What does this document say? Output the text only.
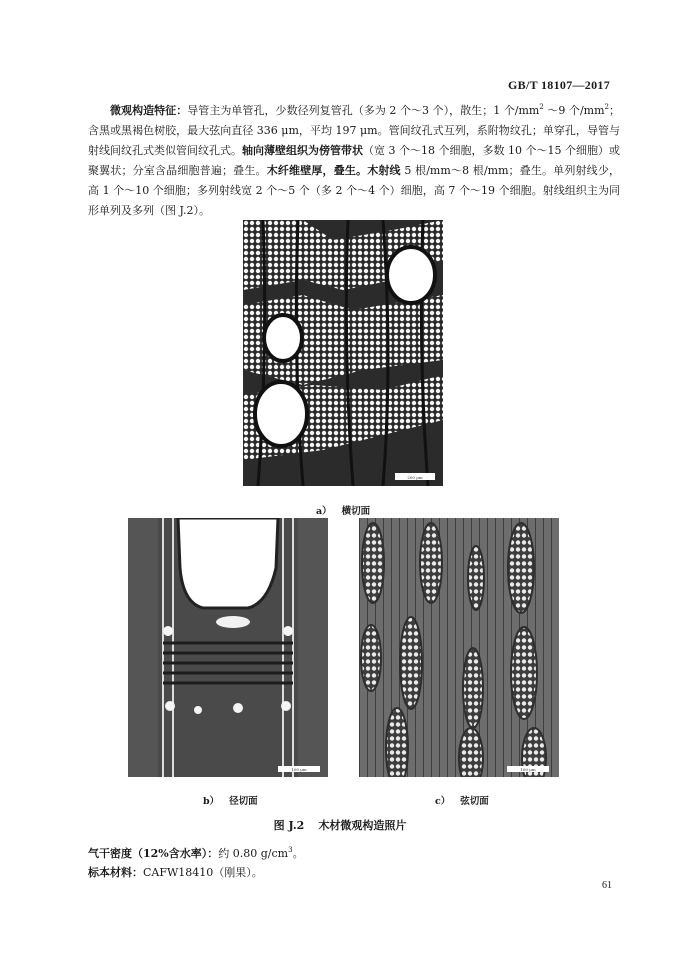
GB/T 18107—2017

微观构造特征：导管主为单管孔，少数径列复管孔（多为 2 个～3 个），散生；1 个$/mm^2$ ～9 个$/mm^2$；含黑或黑褐色树胶，最大弦向直径 336 μm，平均 197 μm。管间纹孔式互列，系附物纹孔；单穿孔，导管与射线间纹孔式类似管间纹孔式。轴向薄壁组织为傍管带状（宽 3 个～18 个细胞，多数 10 个～15 个细胞）或聚翼状；分室含晶细胞普遍；叠生。木纤维壁厚，叠生。木射线 5 根/mm～8 根/mm；叠生。单列射线少，高 1 个～10 个细胞；多列射线宽 2 个～5 个（多 2 个～4 个）细胞，高 7 个～19 个细胞。射线组织主为同形单列及多列（图 J.2）。

200 μm
a） 横切面
100 μm
b） 径切面
100 μm
c） 弦切面
图 J.2 木材微观构造照片
气干密度（12%含水率）：约 0.80 $g/cm^3$。
标本材料：CAFW18410（刚果）。
61
